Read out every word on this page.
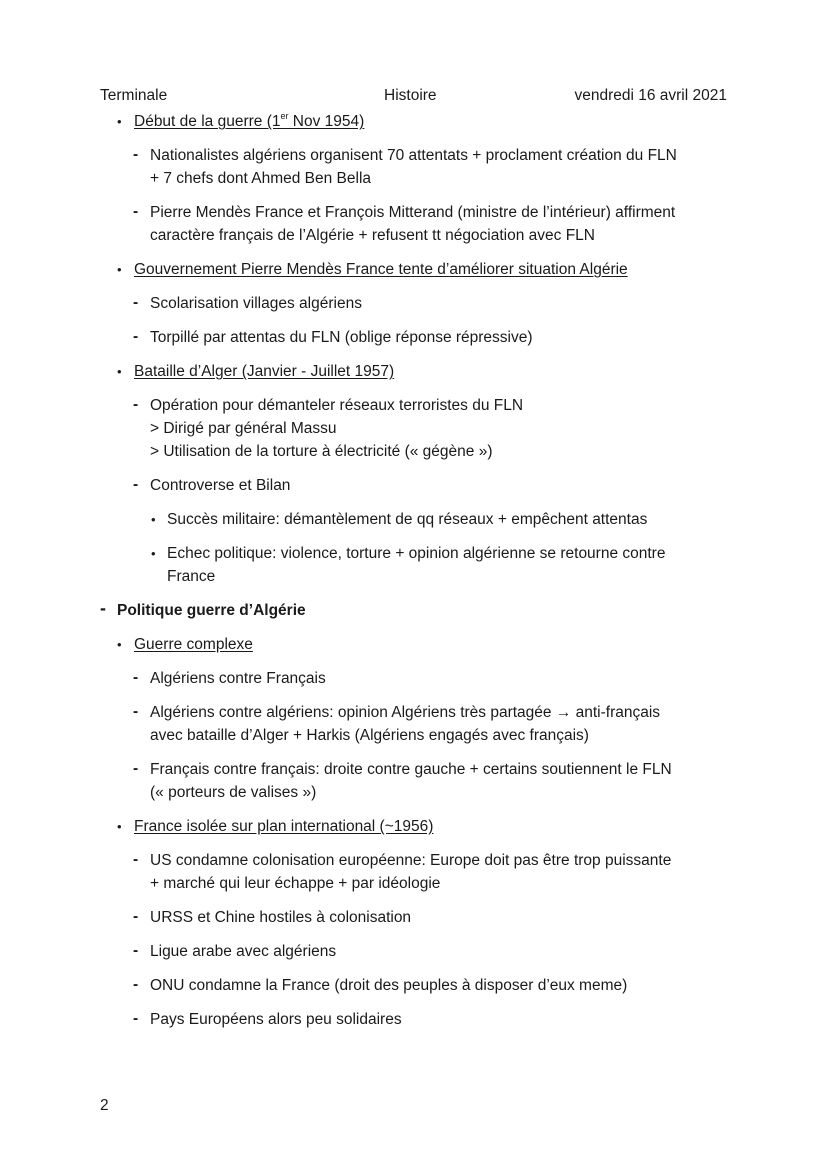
Terminale	Histoire	vendredi 16 avril 2021
• Début de la guerre (1er Nov 1954)
- Nationalistes algériens organisent 70 attentats + proclament création du FLN
+ 7 chefs dont Ahmed Ben Bella
- Pierre Mendès France et François Mitterand (ministre de l’intérieur) affirment
caractère français de l’Algérie + refusent tt négociation avec FLN
• Gouvernement Pierre Mendès France tente d’améliorer situation Algérie
- Scolarisation villages algériens
- Torpillé par attentas du FLN (oblige réponse répressive)
• Bataille d’Alger (Janvier - Juillet 1957)
- Opération pour démanteler réseaux terroristes du FLN
> Dirigé par général Massu
> Utilisation de la torture à électricité (« gégène »)
- Controverse et Bilan
• Succès militaire: démantèlement de qq réseaux + empêchent attentas
• Echec politique: violence, torture + opinion algérienne se retourne contre
France
- Politique guerre d’Algérie
• Guerre complexe
- Algériens contre Français
- Algériens contre algériens: opinion Algériens très partagée → anti-français
avec bataille d’Alger + Harkis (Algériens engagés avec français)
- Français contre français: droite contre gauche + certains soutiennent le FLN
(« porteurs de valises »)
• France isolée sur plan international (~1956)
- US condamne colonisation européenne: Europe doit pas être trop puissante
+ marché qui leur échappe + par idéologie
- URSS et Chine hostiles à colonisation
- Ligue arabe avec algériens
- ONU condamne la France (droit des peuples à disposer d’eux meme)
- Pays Européens alors peu solidaires
2
